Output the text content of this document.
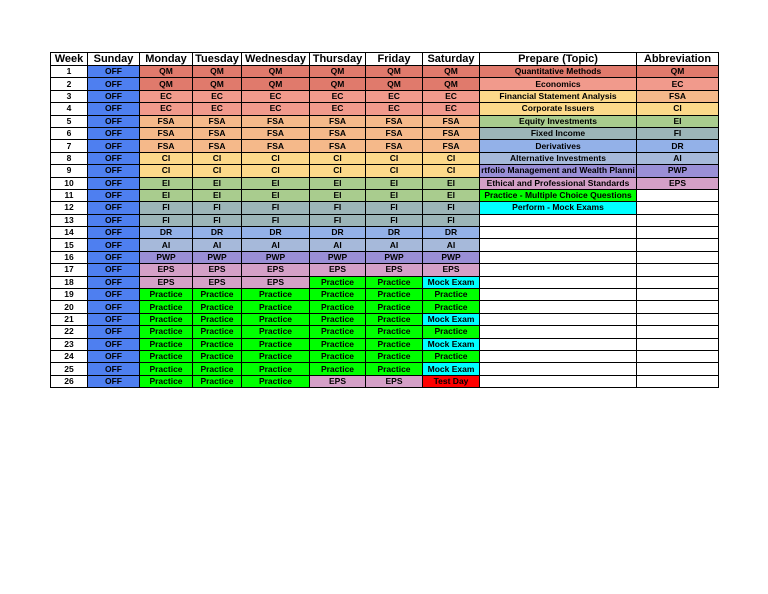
Week	Sunday	Monday	Tuesday	Wednesday	Thursday	Friday	Saturday	Prepare (Topic)	Abbreviation
1	OFF	QM	QM	QM	QM	QM	QM	Quantitative Methods	QM
2	OFF	QM	QM	QM	QM	QM	QM	Economics	EC
3	OFF	EC	EC	EC	EC	EC	EC	Financial Statement Analysis	FSA
4	OFF	EC	EC	EC	EC	EC	EC	Corporate Issuers	CI
5	OFF	FSA	FSA	FSA	FSA	FSA	FSA	Equity Investments	EI
6	OFF	FSA	FSA	FSA	FSA	FSA	FSA	Fixed Income	FI
7	OFF	FSA	FSA	FSA	FSA	FSA	FSA	Derivatives	DR
8	OFF	CI	CI	CI	CI	CI	CI	Alternative Investments	AI
9	OFF	CI	CI	CI	CI	CI	CI	rtfolio Management and Wealth Planni	PWP
10	OFF	EI	EI	EI	EI	EI	EI	Ethical and Professional Standards	EPS
11	OFF	EI	EI	EI	EI	EI	EI	Practice - Multiple Choice Questions	
12	OFF	FI	FI	FI	FI	FI	FI	Perform - Mock Exams	
13	OFF	FI	FI	FI	FI	FI	FI		
14	OFF	DR	DR	DR	DR	DR	DR		
15	OFF	AI	AI	AI	AI	AI	AI		
16	OFF	PWP	PWP	PWP	PWP	PWP	PWP		
17	OFF	EPS	EPS	EPS	EPS	EPS	EPS		
18	OFF	EPS	EPS	EPS	Practice	Practice	Mock Exam		
19	OFF	Practice	Practice	Practice	Practice	Practice	Practice		
20	OFF	Practice	Practice	Practice	Practice	Practice	Practice		
21	OFF	Practice	Practice	Practice	Practice	Practice	Mock Exam		
22	OFF	Practice	Practice	Practice	Practice	Practice	Practice		
23	OFF	Practice	Practice	Practice	Practice	Practice	Mock Exam		
24	OFF	Practice	Practice	Practice	Practice	Practice	Practice		
25	OFF	Practice	Practice	Practice	Practice	Practice	Mock Exam		
26	OFF	Practice	Practice	Practice	EPS	EPS	Test Day		
